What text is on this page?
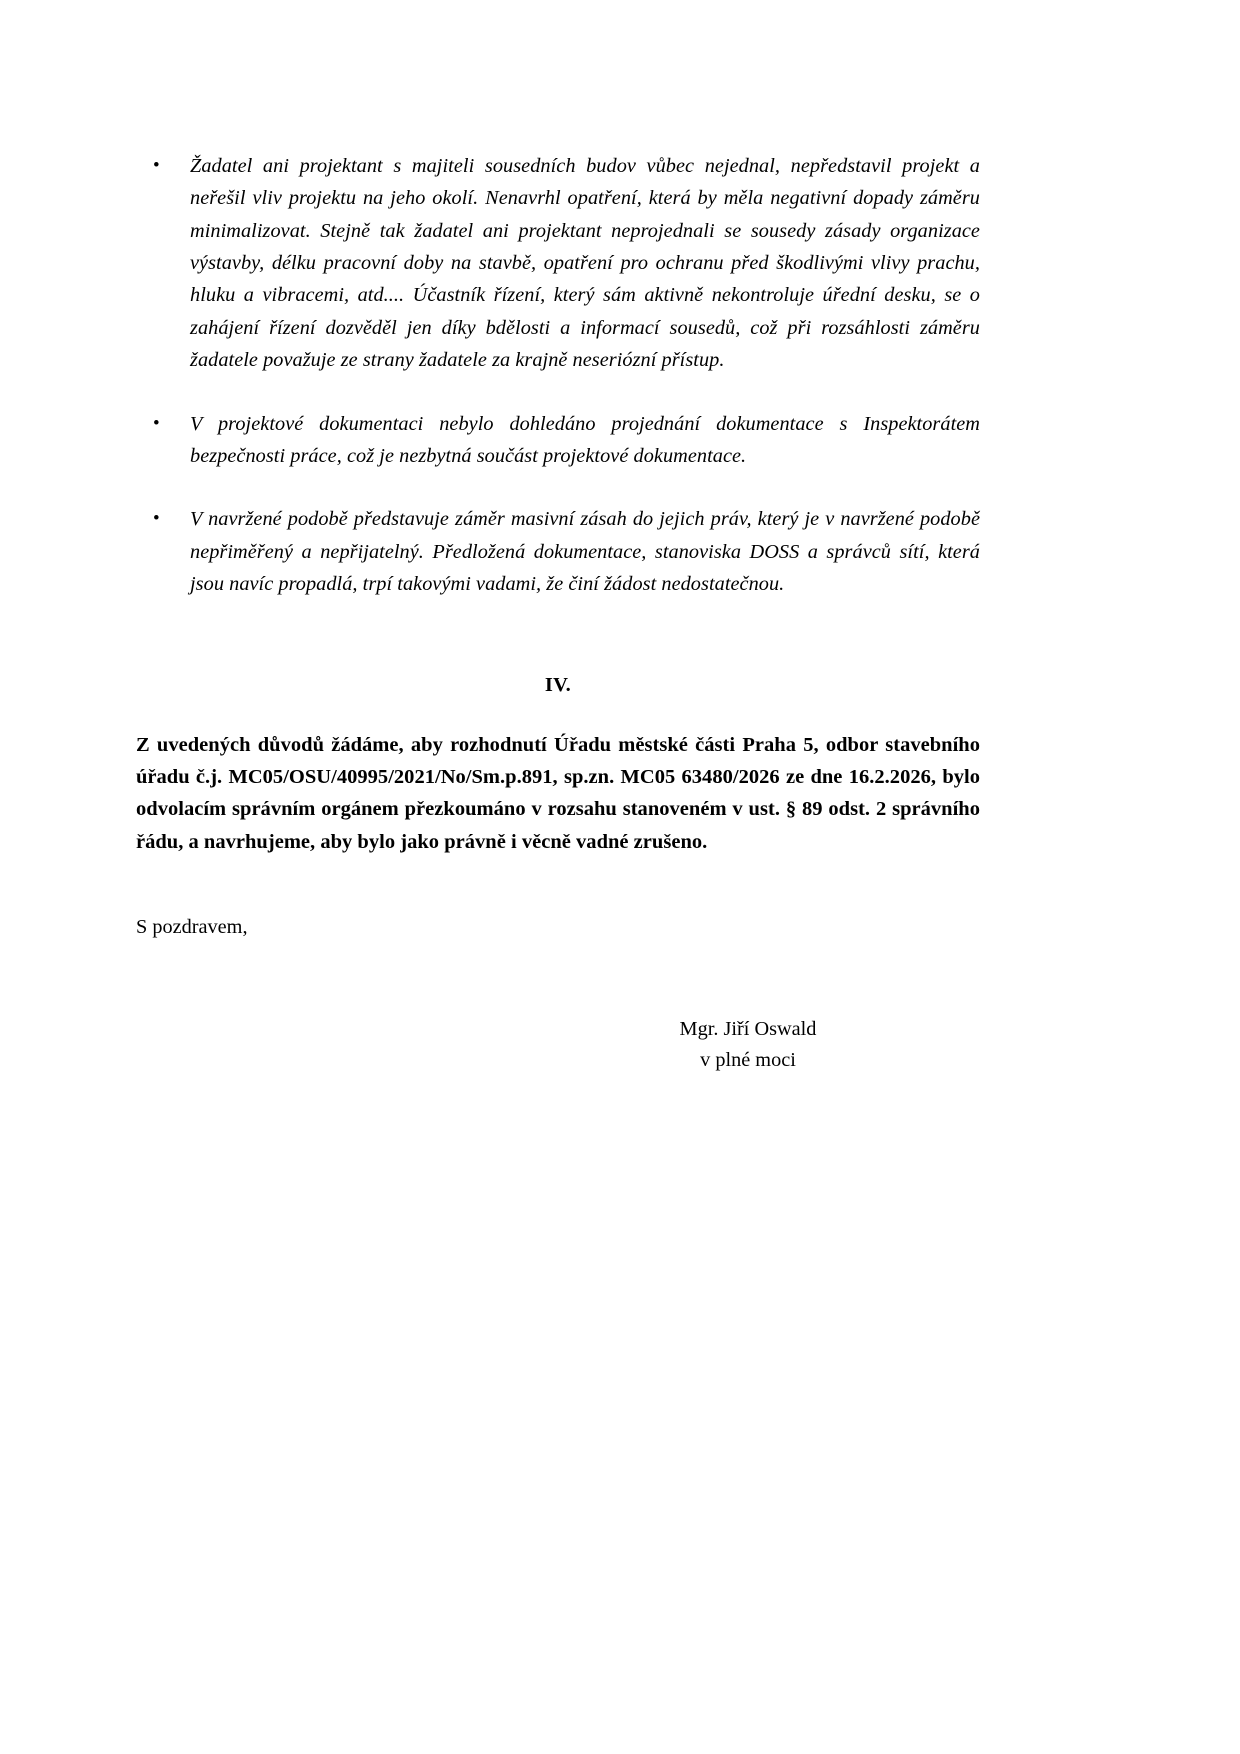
• Žadatel ani projektant s majiteli sousedních budov vůbec nejednal, nepředstavil projekt a neřešil vliv projektu na jeho okolí. Nenavrhl opatření, která by měla negativní dopady záměru minimalizovat. Stejně tak žadatel ani projektant neprojednali se sousedy zásady organizace výstavby, délku pracovní doby na stavbě, opatření pro ochranu před škodlivými vlivy prachu, hluku a vibracemi, atd.... Účastník řízení, který sám aktivně nekontroluje úřední desku, se o zahájení řízení dozvěděl jen díky bdělosti a informací sousedů, což při rozsáhlosti záměru žadatele považuje ze strany žadatele za krajně neseriózní přístup.
• V projektové dokumentaci nebylo dohledáno projednání dokumentace s Inspektorátem bezpečnosti práce, což je nezbytná součást projektové dokumentace.
• V navržené podobě představuje záměr masivní zásah do jejich práv, který je v navržené podobě nepřiměřený a nepřijatelný. Předložená dokumentace, stanoviska DOSS a správců sítí, která jsou navíc propadlá, trpí takovými vadami, že činí žádost nedostatečnou.
IV.
Z uvedených důvodů žádáme, aby rozhodnutí Úřadu městské části Praha 5, odbor stavebního úřadu č.j. MC05/OSU/40995/2021/No/Sm.p.891, sp.zn. MC05 63480/2026 ze dne 16.2.2026, bylo odvolacím správním orgánem přezkoumáno v rozsahu stanoveném v ust. § 89 odst. 2 správního řádu, a navrhujeme, aby bylo jako právně i věcně vadné zrušeno.
S pozdravem,
Mgr. Jiří Oswald
v plné moci
